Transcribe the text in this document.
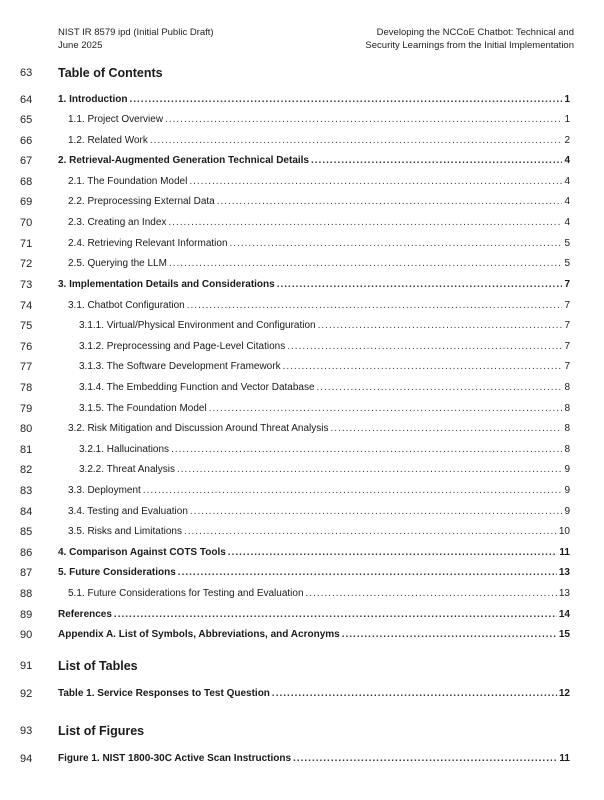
NIST IR 8579 ipd (Initial Public Draft)
June 2025
Developing the NCCoE Chatbot: Technical and
Security Learnings from the Initial Implementation
63	Table of Contents
64	1. Introduction .....	1
65	1.1. Project Overview .....	1
66	1.2. Related Work .....	2
67	2. Retrieval-Augmented Generation Technical Details .....	4
68	2.1. The Foundation Model .....	4
69	2.2. Preprocessing External Data .....	4
70	2.3. Creating an Index .....	4
71	2.4. Retrieving Relevant Information .....	5
72	2.5. Querying the LLM .....	5
73	3. Implementation Details and Considerations .....	7
74	3.1. Chatbot Configuration .....	7
75	3.1.1. Virtual/Physical Environment and Configuration .....	7
76	3.1.2. Preprocessing and Page-Level Citations .....	7
77	3.1.3. The Software Development Framework .....	7
78	3.1.4. The Embedding Function and Vector Database .....	8
79	3.1.5. The Foundation Model .....	8
80	3.2. Risk Mitigation and Discussion Around Threat Analysis .....	8
81	3.2.1. Hallucinations .....	8
82	3.2.2. Threat Analysis .....	9
83	3.3. Deployment .....	9
84	3.4. Testing and Evaluation .....	9
85	3.5. Risks and Limitations .....	10
86	4. Comparison Against COTS Tools .....	11
87	5. Future Considerations .....	13
88	5.1. Future Considerations for Testing and Evaluation .....	13
89	References .....	14
90	Appendix A. List of Symbols, Abbreviations, and Acronyms .....	15
91	List of Tables
92	Table 1. Service Responses to Test Question .....	12
93	List of Figures
94	Figure 1. NIST 1800-30C Active Scan Instructions .....	11
